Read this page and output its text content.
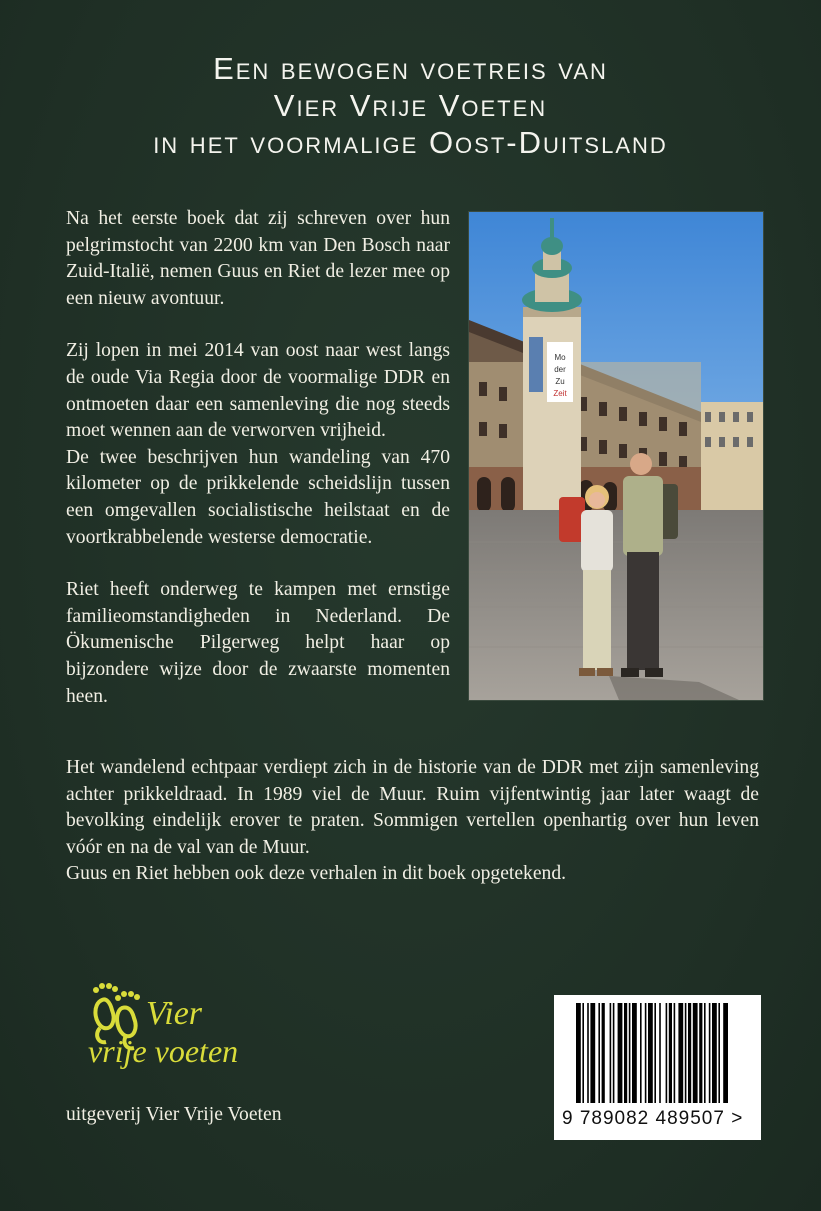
Een bewogen voetreis van
Vier Vrije Voeten
in het voormalige Oost-Duitsland

Na het eerste boek dat zij schreven over hun pelgrimstocht van 2200 km van Den Bosch naar Zuid-Italië, nemen Guus en Riet de lezer mee op een nieuw avontuur.

Zij lopen in mei 2014 van oost naar west langs de oude Via Regia door de voormalige DDR en ontmoeten daar een samenleving die nog steeds moet wennen aan de verworven vrijheid.

De twee beschrijven hun wandeling van 470 kilometer op de prikkelende scheidslijn tussen een omgevallen socialistische heilstaat en de voortkrabbelende westerse democratie.

Riet heeft onderweg te kampen met ernstige familieomstandigheden in Nederland. De Ökumenische Pilgerweg helpt haar op bijzondere wijze door de zwaarste momenten heen.

Mo
der
Zu
Zeit

Het wandelend echtpaar verdiept zich in de historie van de DDR met zijn samenleving achter prikkeldraad. In 1989 viel de Muur. Ruim vijfentwintig jaar later waagt de bevolking eindelijk erover te praten. Sommigen vertellen openhartig over hun leven vóór en na de val van de Muur.

Guus en Riet hebben ook deze verhalen in dit boek opgetekend.

Vier
vrije voeten
uitgeverij Vier Vrije Voeten	9 789082 489507 >
